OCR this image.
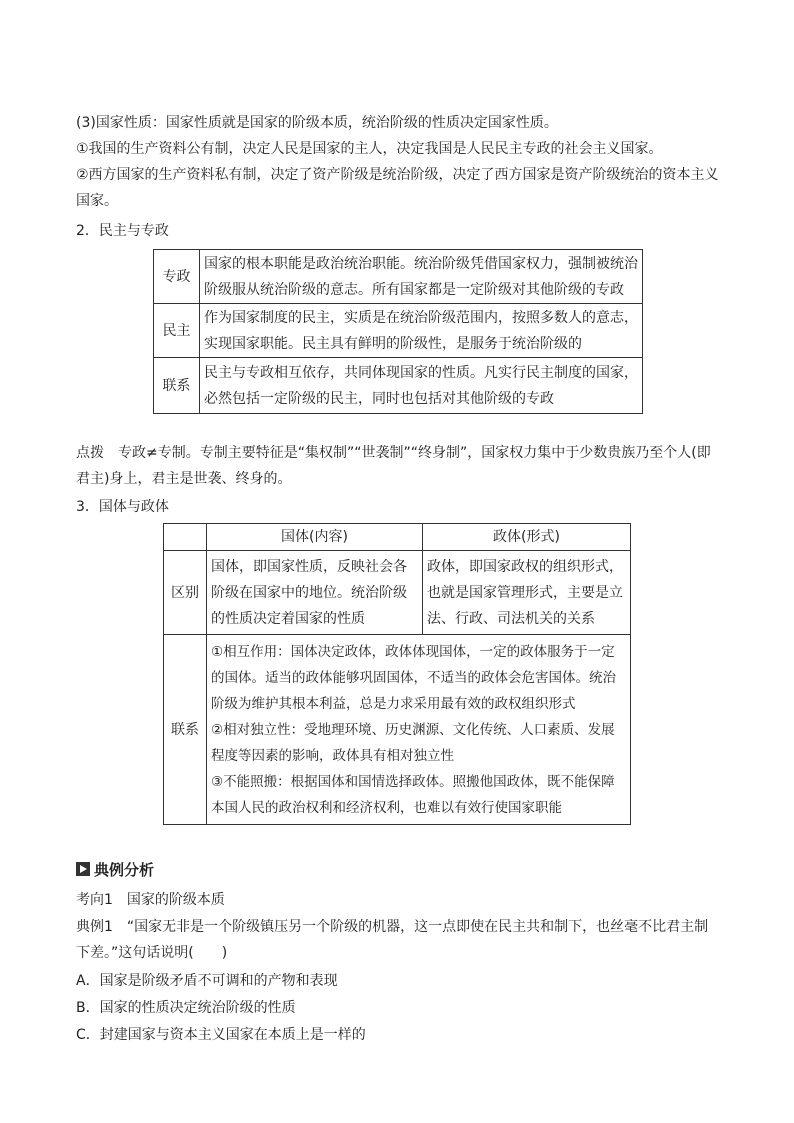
(3)国家性质：国家性质就是国家的阶级本质，统治阶级的性质决定国家性质。
①我国的生产资料公有制，决定人民是国家的主人，决定我国是人民民主专政的社会主义国家。
②西方国家的生产资料私有制，决定了资产阶级是统治阶级，决定了西方国家是资产阶级统治的资本主义国家。
2．民主与专政
专政	国家的根本职能是政治统治职能。统治阶级凭借国家权力，强制被统治阶级服从统治阶级的意志。所有国家都是一定阶级对其他阶级的专政
民主	作为国家制度的民主，实质是在统治阶级范围内，按照多数人的意志，实现国家职能。民主具有鲜明的阶级性，是服务于统治阶级的
联系	民主与专政相互依存，共同体现国家的性质。凡实行民主制度的国家，必然包括一定阶级的民主，同时也包括对其他阶级的专政
点拨　专政≠专制。专制主要特征是“集权制”“世袭制”“终身制”，国家权力集中于少数贵族乃至个人(即君主)身上，君主是世袭、终身的。
3．国体与政体
	国体(内容)	政体(形式)
区别	国体，即国家性质，反映社会各阶级在国家中的地位。统治阶级的性质决定着国家的性质	政体，即国家政权的组织形式，也就是国家管理形式，主要是立法、行政、司法机关的关系
联系	①相互作用：国体决定政体，政体体现国体，一定的政体服务于一定的国体。适当的政体能够巩固国体，不适当的政体会危害国体。统治阶级为维护其根本利益，总是力求采用最有效的政权组织形式
②相对独立性：受地理环境、历史渊源、文化传统、人口素质、发展程度等因素的影响，政体具有相对独立性
③不能照搬：根据国体和国情选择政体。照搬他国政体，既不能保障本国人民的政治权利和经济权利，也难以有效行使国家职能	
典例分析
考向1　国家的阶级本质
典例1　“国家无非是一个阶级镇压另一个阶级的机器，这一点即使在民主共和制下，也丝毫不比君主制下差。”这句话说明(　　)
A．国家是阶级矛盾不可调和的产物和表现
B．国家的性质决定统治阶级的性质
C．封建国家与资本主义国家在本质上是一样的
